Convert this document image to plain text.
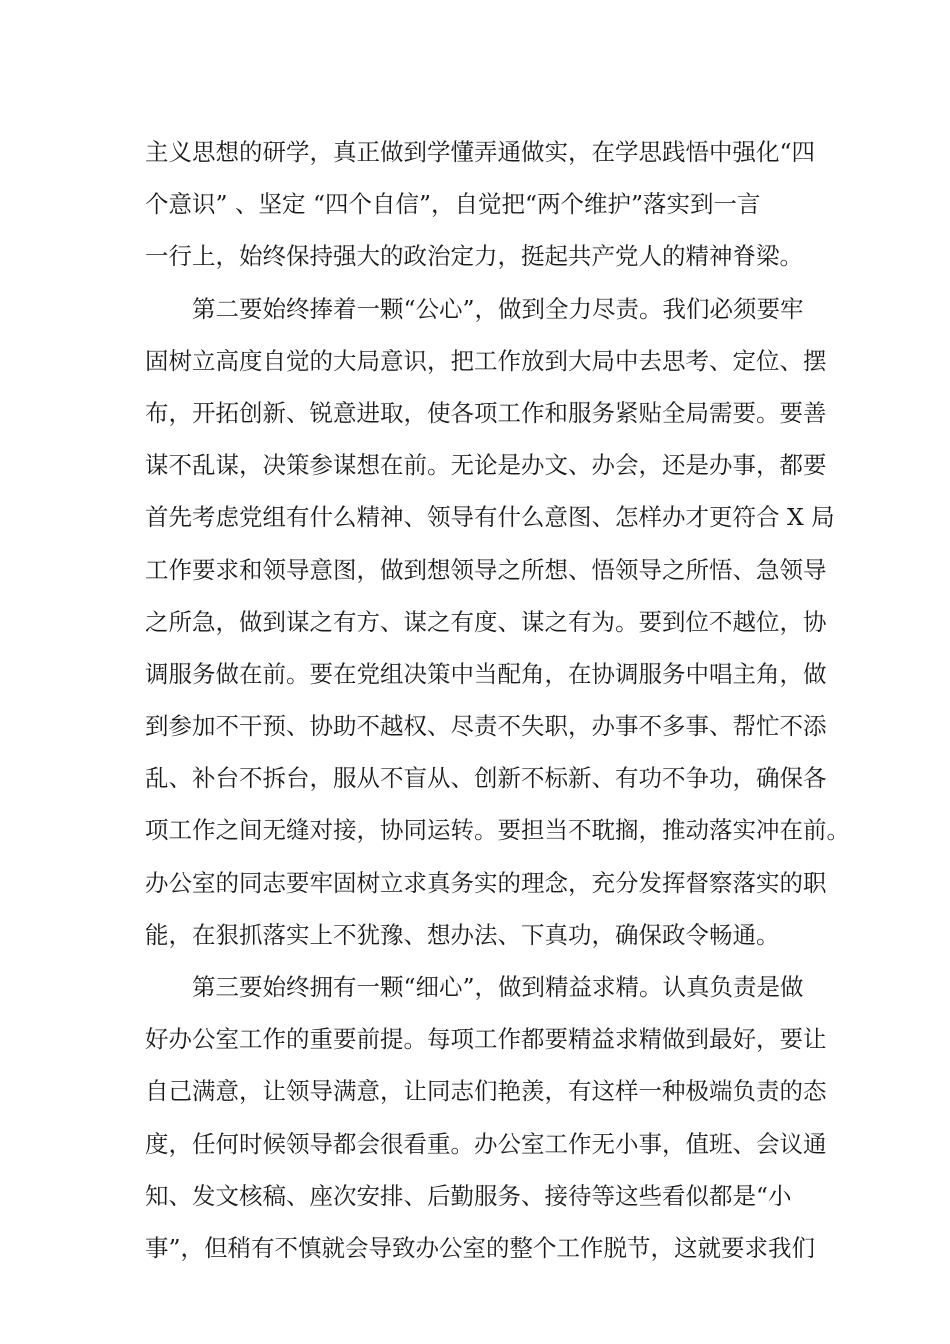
主义思想的研学，真正做到学懂弄通做实，在学思践悟中强化“四
个意识” 、坚定 “四个自信”，自觉把“两个维护”落实到一言
一行上，始终保持强大的政治定力，挺起共产党人的精神脊梁。
第二要始终捧着一颗“公心”，做到全力尽责。我们必须要牢
固树立高度自觉的大局意识，把工作放到大局中去思考、定位、摆
布，开拓创新、锐意进取，使各项工作和服务紧贴全局需要。要善
谋不乱谋，决策参谋想在前。无论是办文、办会，还是办事，都要
首先考虑党组有什么精神、领导有什么意图、怎样办才更符合 X 局
工作要求和领导意图，做到想领导之所想、悟领导之所悟、急领导
之所急，做到谋之有方、谋之有度、谋之有为。要到位不越位，协
调服务做在前。要在党组决策中当配角，在协调服务中唱主角，做
到参加不干预、协助不越权、尽责不失职，办事不多事、帮忙不添
乱、补台不拆台，服从不盲从、创新不标新、有功不争功，确保各
项工作之间无缝对接，协同运转。要担当不耽搁，推动落实冲在前。
办公室的同志要牢固树立求真务实的理念，充分发挥督察落实的职
能，在狠抓落实上不犹豫、想办法、下真功，确保政令畅通。
第三要始终拥有一颗“细心”，做到精益求精。认真负责是做
好办公室工作的重要前提。每项工作都要精益求精做到最好，要让
自己满意，让领导满意，让同志们艳羡，有这样一种极端负责的态
度，任何时候领导都会很看重。办公室工作无小事，值班、会议通
知、发文核稿、座次安排、后勤服务、接待等这些看似都是“小
事”，但稍有不慎就会导致办公室的整个工作脱节，这就要求我们
